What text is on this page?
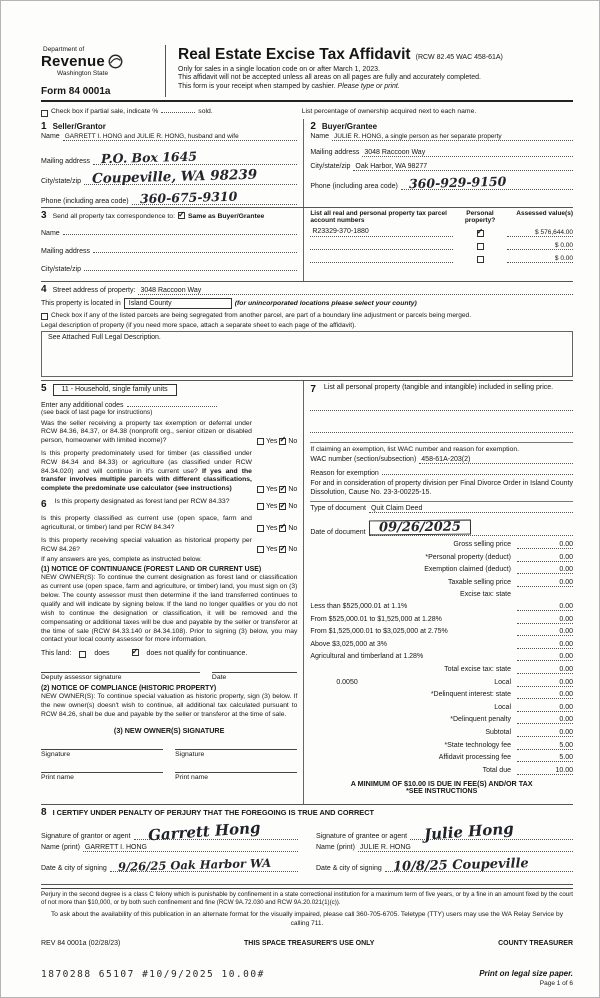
Department of
Revenue
Washington State
Form 84 0001a
Real Estate Excise Tax Affidavit (RCW 82.45 WAC 458-61A)
Only for sales in a single location code on or after March 1, 2023.
This affidavit will not be accepted unless all areas on all pages are fully and accurately completed.
This form is your receipt when stamped by cashier. Please type or print.
Check box if partial sale, indicate %	sold.	List percentage of ownership acquired next to each name.
1 Seller/Grantor
Name GARRETT I. HONG and JULIE R. HONG, husband and wife
Mailing address P.O. Box 1645
City/state/zip Coupeville, WA 98239
Phone (including area code) 360-675-9310
2 Buyer/Grantee
Name JULIE R. HONG, a single person as her separate property
Mailing address 3048 Raccoon Way
City/state/zip Oak Harbor, WA 98277
Phone (including area code) 360-929-9150
3 Send all property tax correspondence to: ✓ Same as Buyer/Grantee
Name
Mailing address
City/state/zip
List all real and personal property tax parcel account numbers
Personal property?
Assessed value(s)
R23329-370-1880	✓	$ 576,644.00
$ 0.00
$ 0.00
4 Street address of property: 3048 Raccoon Way
This property is located in	Island County	(for unincorporated locations please select your county)
Check box if any of the listed parcels are being segregated from another parcel, are part of a boundary line adjustment or parcels being merged.
Legal description of property (if you need more space, attach a separate sheet to each page of the affidavit).
See Attached Full Legal Description.
5	11 - Household, single family units
Enter any additional codes
(see back of last page for instructions)
Was the seller receiving a property tax exemption or deferral under RCW 84.36, 84.37, or 84.38 (nonprofit org., senior citizen or disabled person, homeowner with limited income)?	Yes ✓ No
Is this property predominately used for timber (as classified under RCW 84.34 and 84.33) or agriculture (as classified under RCW 84.34.020) and will continue in it's current use? If yes and the transfer involves multiple parcels with different classifications, complete the predominate use calculator (see instructions)	Yes ✓ No
6 Is this property designated as forest land per RCW 84.33?
Yes ✓ No
Is this property classified as current use (open space, farm and agricultural, or timber) land per RCW 84.34?	Yes ✓ No
Is this property receiving special valuation as historical property per RCW 84.26?	Yes ✓ No
If any answers are yes, complete as instructed below.
(1) NOTICE OF CONTINUANCE (FOREST LAND OR CURRENT USE)
NEW OWNER(S): To continue the current designation as forest land or classification as current use (open space, farm and agriculture, or timber) land, you must sign on (3) below. The county assessor must then determine if the land transferred continues to qualify and will indicate by signing below. If the land no longer qualifies or you do not wish to continue the designation or classification, it will be removed and the compensating or additional taxes will be due and payable by the seller or transferor at the time of sale (RCW 84.33.140 or 84.34.108). Prior to signing (3) below, you may contact your local county assessor for more information.
This land:	does	✓ does not qualify for continuance.
Deputy assessor signature	Date
(2) NOTICE OF COMPLIANCE (HISTORIC PROPERTY)
NEW OWNER(S): To continue special valuation as historic property, sign (3) below. If the new owner(s) doesn't wish to continue, all additional tax calculated pursuant to RCW 84.26, shall be due and payable by the seller or transferor at the time of sale.
(3) NEW OWNER(S) SIGNATURE
Signature	Signature
Print name	Print name
7 List all personal property (tangible and intangible) included in selling price.

If claiming an exemption, list WAC number and reason for exemption.
WAC number (section/subsection) 458-61A-203(2)
Reason for exemption
For and in consideration of property division per Final Divorce Order in Island County Dissolution, Cause No. 23-3-00225-15.
Type of document Quit Claim Deed
Date of document 09/26/2025
Gross selling price	0.00
*Personal property (deduct)	0.00
Exemption claimed (deduct)	0.00
Taxable selling price	0.00
Excise tax: state
Less than $525,000.01 at 1.1%	0.00
From $525,000.01 to $1,525,000 at 1.28%	0.00
From $1,525,000.01 to $3,025,000 at 2.75%	0.00
Above $3,025,000 at 3%	0.00
Agricultural and timberland at 1.28%	0.00
Total excise tax: state	0.00
0.0050	Local	0.00
*Delinquent interest: state	0.00
Local	0.00
*Delinquent penalty	0.00
Subtotal	0.00
*State technology fee	5.00
Affidavit processing fee	5.00
Total due	10.00
A MINIMUM OF $10.00 IS DUE IN FEE(S) AND/OR TAX
*SEE INSTRUCTIONS
8 I CERTIFY UNDER PENALTY OF PERJURY THAT THE FOREGOING IS TRUE AND CORRECT
Signature of grantor or agent	Garrett Hong
Name (print) GARRETT I. HONG
Date & city of signing 9/26/25 Oak Harbor WA
Signature of grantee or agent	Julie Hong
Name (print) JULIE R. HONG
Date & city of signing 10/8/25 Coupeville
Perjury in the second degree is a class C felony which is punishable by confinement in a state correctional institution for a maximum term of five years, or by a fine in an amount fixed by the court of not more than $10,000, or by both such confinement and fine (RCW 9A.72.030 and RCW 9A.20.021(1)(c)).
To ask about the availability of this publication in an alternate format for the visually impaired, please call 360-705-6705. Teletype (TTY) users may use the WA Relay Service by calling 711.
REV 84 0001a (02/28/23)	THIS SPACE TREASURER'S USE ONLY	COUNTY TREASURER
1870288 65107 #10/9/2025 10.00#	Print on legal size paper.
Page 1 of 6
